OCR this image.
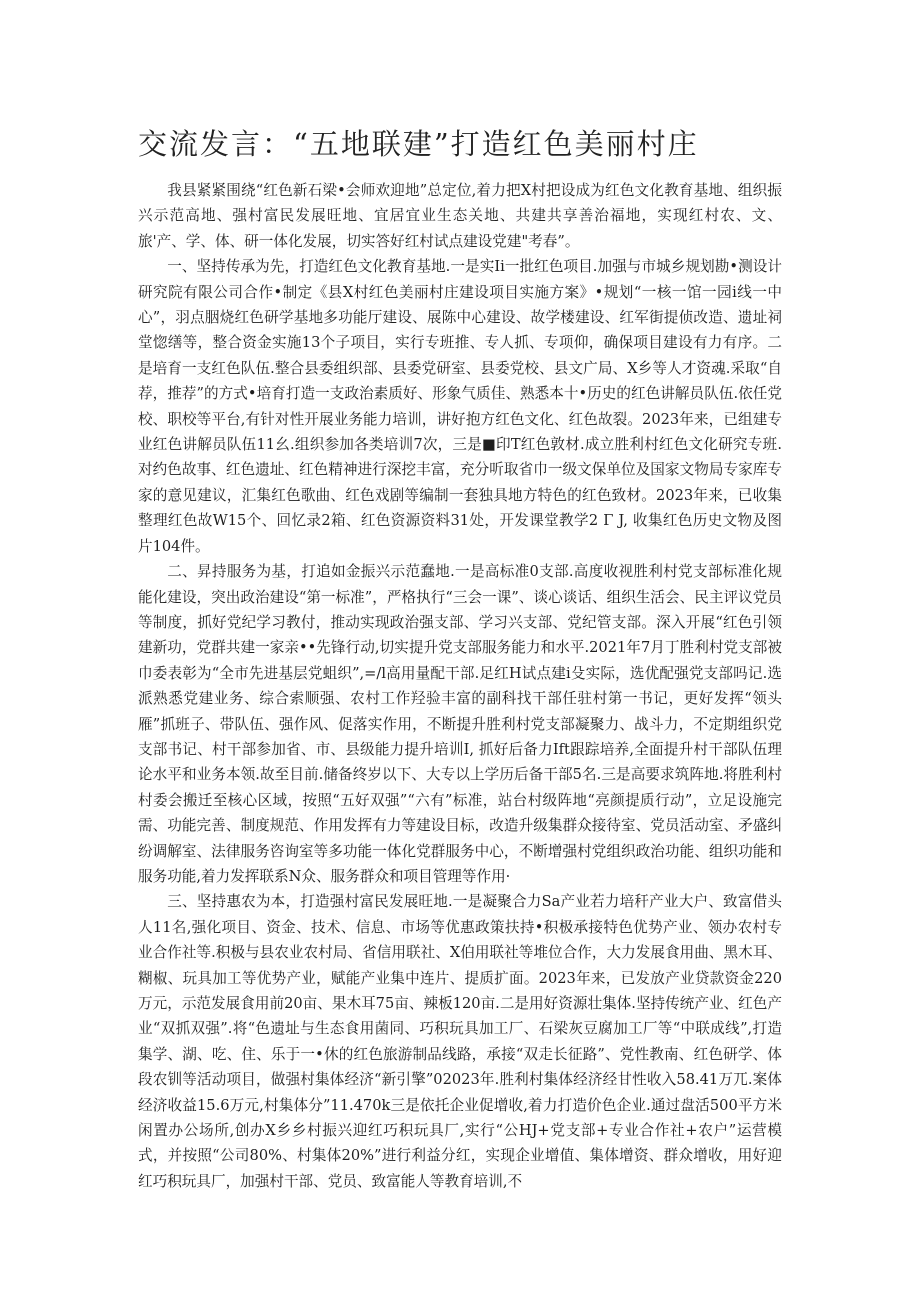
交流发言：“五地联建”打造红色美丽村庄

我县紧紧围绕“红色新石梁•会师欢迎地”总定位,着力把X村把设成为红色文化教育基地、组织振兴示范高地、强村富民发展旺地、宜居宜业生态关地、共建共享善治福地，实现红村农、文、旅'产、学、体、研一体化发展，切实答好红村试点建设党建"考春”。

一、坚持传承为先，打造红色文化教育基地.一是实Ii一批红色项目.加强与市城乡规划勘•测设计研究院有限公司合作•制定《县X村红色美丽村庄建设项目实施方案》•规划“一核一馆一园i线一中心”，羽点胭烧红色研学基地多功能厅建设、展陈中心建设、故学楼建设、红军街提侦改造、遗址祠堂惚缮等，整合资金实施13个子项目，实行专班推、专人抓、专项仰，确保项目建设有力有序。二是培育一支红色队伍.整合县委组织部、县委党研室、县委党校、县文广局、X乡等人才资魂.采取“自荐，推荐”的方式•培育打造一支政治素质好、形象气质佳、熟悉本十•历史的红色讲解员队伍.依任党校、职校等平台,有针对性开展业务能力培训，讲好抱方红色文化、红色故裂。2023年来，已组建专业红色讲解员队伍11幺.组织参加各类培训7次，三是■印T红色敦材.成立胜利村红色文化研究专班.对约色故事、红色遗址、红色精神进行深挖丰富，充分听取省巾一级文保单位及国家文物局专家库专家的意见建议，汇集红色歌曲、红色戏剧等编制一套独具地方特色的红色致材。2023年来，已收集整理红色故W15个、回忆录2箱、红色资源资料31处，开发课堂教学2 Γ J, 收集红色历史文物及图片104件。

二、昇持服务为基，打追如金振兴示范蠢地.一是高标准0支部.高度收视胜利村党支部标准化规能化建设，突出政治建设“第一标准”，严格执行“三会一课”、谈心谈话、组织生活会、民主评议党员等制度，抓好党纪学习教付，推动实现政治强支部、学习兴支部、党纪管支部。深入开展“红色引领建新功，党群共建一家亲••先锋行动,切实提升党支部服务能力和水平.2021年7月丁胜利村党支部被巾委表彰为“全市先进基层党蛆织”,=/l高用量配干部.足红H试点建i殳实际，选优配强党支部吗记.选派熟悉党建业务、综合索顺强、农村工作羟验丰富的副科找干部任驻村第一书记，更好发挥“领头雁”抓班子、带队伍、强作风、促落实作用，不断提升胜利村党支部凝聚力、战斗力，不定期组织党支部书记、村干部参加省、市、县级能力提升培训I, 抓好后备力Ift跟踪培养,全面提升村干部队伍理论水平和业务本领.故至目前.储备终岁以下、大专以上学历后备干部5名.三是高要求筑阵地.将胜利村村委会搬迁至核心区域，按照“五好双强”“六有”标准，站台村级阵地“亮颜提质行动”，立足设施完需、功能完善、制度规范、作用发挥有力等建设目标，改造升级集群众接待室、党员活动室、矛盛纠纷调解室、法律服务咨询室等多功能一体化党群服务中心，不断增强村党组织政治功能、组织功能和服务功能,着力发挥联系N众、服务群众和项目管理等作用·

三、坚持惠农为本，打造强村富民发展旺地.一是凝聚合力Sa产业若力培秆产业大户、致富借头人11名,强化项目、资金、技术、信息、市场等优惠政策扶持•积极承接特色优势产业、领办农村专业合作社等.积极与县农业农村局、省信用联社、X伯用联社等堆位合作，大力发展食用曲、黑木耳、糊椒、玩具加工等优势产业，赋能产业集中连片、提质扩面。2023年来，已发放产业贷款资金220万元，示范发展食用前20亩、果木耳75亩、辣板120亩.二是用好资源壮集体.坚持传统产业、红色产业“双抓双强”.将“色遗址与生态食用菌同、巧积玩具加工厂、石梁灰豆腐加工厂等“中联成线”,打造集学、湖、吃、住、乐于一•休的红色旅游制品线路，承接“双走长征路”、党性教南、红色研学、体段农钏等活动项目，做强村集体经济“新引擎”02023年.胜利村集体经济经甘性收入58.41万兀.案体经济收益15.6万元,村集体分”11.470k三是依托企业促增收,着力打造价色企业.通过盘活500平方米闲置办公场所,创办X乡乡村振兴迎红巧积玩具厂,实行“公HJ+党支部+专业合作社+农户”运营模式，并按照“公司80%、村集体20%”进行利益分红，实现企业增值、集体增资、群众增收，用好迎红巧积玩具厂，加强村干部、党员、致富能人等教育培训,不
